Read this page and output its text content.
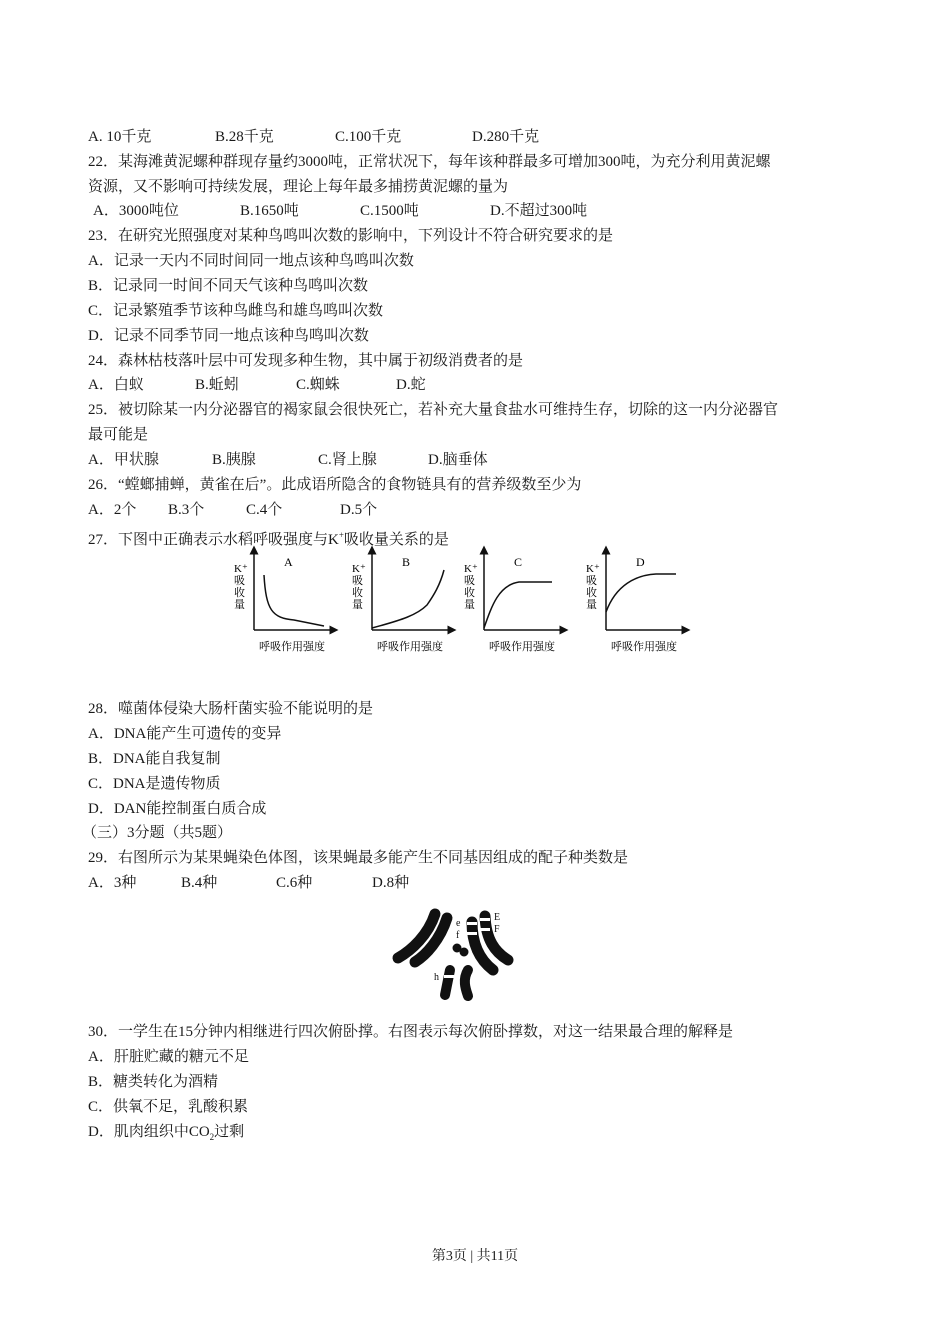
A. 10千克	B.28千克	C.100千克	D.280千克
22．某海滩黄泥螺种群现存量约3000吨，正常状况下，每年该种群最多可增加300吨，为充分利用黄泥螺
资源，又不影响可持续发展，理论上每年最多捕捞黄泥螺的量为
A．3000吨位	B.1650吨	C.1500吨	D.不超过300吨
23．在研究光照强度对某种鸟鸣叫次数的影响中，下列设计不符合研究要求的是
A．记录一天内不同时间同一地点该种鸟鸣叫次数
B．记录同一时间不同天气该种鸟鸣叫次数
C．记录繁殖季节该种鸟雌鸟和雄鸟鸣叫次数
D．记录不同季节同一地点该种鸟鸣叫次数
24．森林枯枝落叶层中可发现多种生物，其中属于初级消费者的是
A．白蚁	B.蚯蚓	C.蜘蛛	D.蛇
25．被切除某一内分泌器官的褐家鼠会很快死亡，若补充大量食盐水可维持生存，切除的这一内分泌器官
最可能是
A．甲状腺	B.胰腺	C.肾上腺	D.脑垂体
26．“螳螂捕蝉，黄雀在后”。此成语所隐含的食物链具有的营养级数至少为
A．2个 B.3个	C.4个	D.5个
27．下图中正确表示水稻呼吸强度与K+吸收量关系的是
A
K⁺
吸
收
量
呼吸作用强度
B
K⁺
吸
收
量
呼吸作用强度
C
K⁺
吸
收
量
呼吸作用强度
D
K⁺
吸
收
量
呼吸作用强度
28．噬菌体侵染大肠杆菌实验不能说明的是
A．DNA能产生可遗传的变异
B．DNA能自我复制
C．DNA是遗传物质
D．DAN能控制蛋白质合成
（三）3分题（共5题）
29．右图所示为某果蝇染色体图，该果蝇最多能产生不同基因组成的配子种类数是
A．3种	B.4种	C.6种	D.8种
e
f
E
F
h
30．一学生在15分钟内相继进行四次俯卧撑。右图表示每次俯卧撑数，对这一结果最合理的解释是
A．肝脏贮藏的糖元不足
B．糖类转化为酒精
C．供氧不足，乳酸积累
D．肌肉组织中$CO_2$过剩
第3页 | 共11页
